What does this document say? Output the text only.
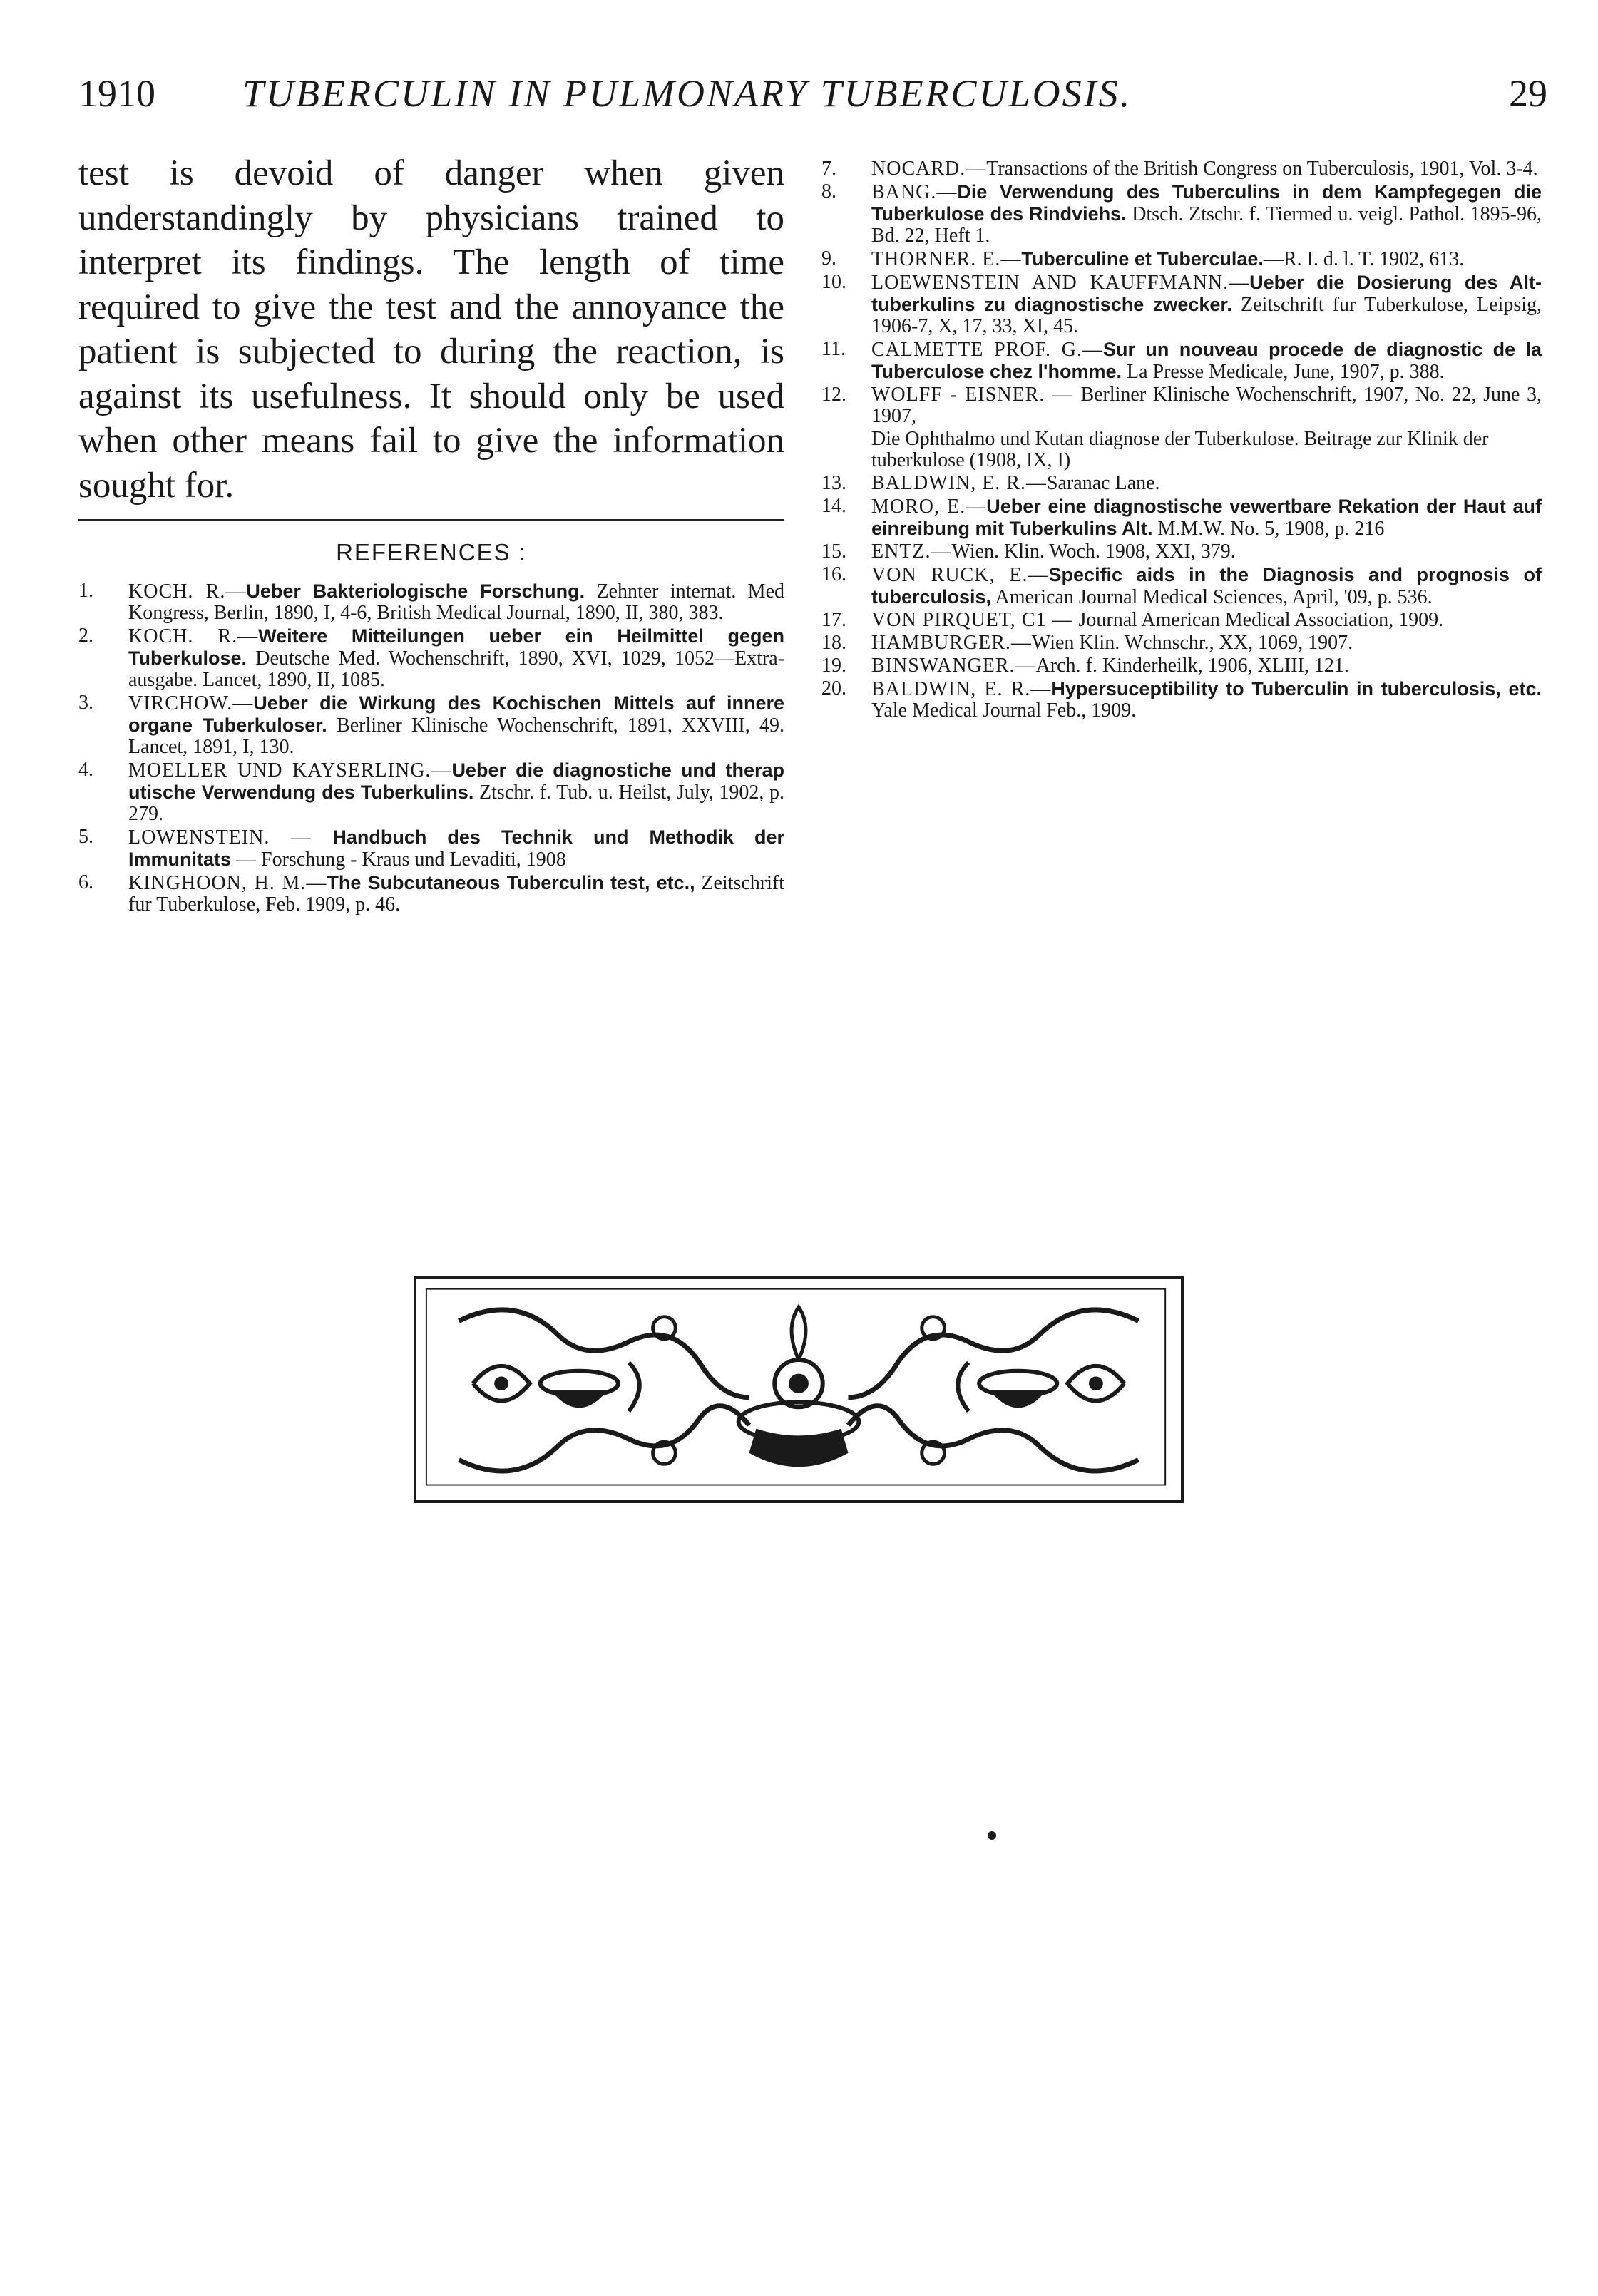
1910 TUBERCULIN IN PULMONARY TUBERCULOSIS.	29

test is devoid of danger when given understandingly by physicians trained to interpret its findings. The length of time required to give the test and the annoyance the patient is subjected to during the reaction, is against its usefulness. It should only be used when other means fail to give the information sought for.

REFERENCES :
1.	KOCH. R.—Ueber Bakteriologische Forschung. Zehnter internat. Med Kongress, Berlin, 1890, I, 4-6, British Medical Journal, 1890, II, 380, 383.
2.	KOCH. R.—Weitere Mitteilungen ueber ein Heilmittel gegen Tuberkulose. Deutsche Med. Wochenschrift, 1890, XVI, 1029, 1052—Extra-ausgabe. Lancet, 1890, II, 1085.
3.	VIRCHOW.—Ueber die Wirkung des Kochischen Mittels auf innere organe Tuberkuloser. Berliner Klinische Wochenschrift, 1891, XXVIII, 49. Lancet, 1891, I, 130.
4.	MOELLER UND KAYSERLING.—Ueber die diagnostiche und therap utische Verwendung des Tuberkulins. Ztschr. f. Tub. u. Heilst, July, 1902, p. 279.
5.	LOWENSTEIN. — Handbuch des Technik und Methodik der Immunitats — Forschung - Kraus und Levaditi, 1908
6.	KINGHOON, H. M.—The Subcutaneous Tuberculin test, etc., Zeitschrift fur Tuberkulose, Feb. 1909, p. 46.
7.	NOCARD.—Transactions of the British Congress on Tuberculosis, 1901, Vol. 3-4.
8.	BANG.—Die Verwendung des Tuberculins in dem Kampfegegen die Tuberkulose des Rindviehs. Dtsch. Ztschr. f. Tiermed u. veigl. Pathol. 1895-96, Bd. 22, Heft 1.
9.	THORNER. E.—Tuberculine et Tuberculae.—R. I. d. l. T. 1902, 613.
10.	LOEWENSTEIN AND KAUFFMANN.—Ueber die Dosierung des Alt-tuberkulins zu diagnostische zwecker. Zeitschrift fur Tuberkulose, Leipsig, 1906-7, X, 17, 33, XI, 45.
11.	CALMETTE PROF. G.—Sur un nouveau procede de diagnostic de la Tuberculose chez l'homme. La Presse Medicale, June, 1907, p. 388.
12.	WOLFF - EISNER. — Berliner Klinische Wochenschrift, 1907, No. 22, June 3, 1907,
Die Ophthalmo und Kutan diagnose der Tuberkulose. Beitrage zur Klinik der tuberkulose (1908, IX, I)
13.	BALDWIN, E. R.—Saranac Lane.
14.	MORO, E.—Ueber eine diagnostische vewertbare Rekation der Haut auf einreibung mit Tuberkulins Alt. M.M.W. No. 5, 1908, p. 216
15.	ENTZ.—Wien. Klin. Woch. 1908, XXI, 379.
16.	VON RUCK, E.—Specific aids in the Diagnosis and prognosis of tuberculosis, American Journal Medical Sciences, April, '09, p. 536.
17.	VON PIRQUET, C1 — Journal American Medical Association, 1909.
18.	HAMBURGER.—Wien Klin. Wchnschr., XX, 1069, 1907.
19.	BINSWANGER.—Arch. f. Kinderheilk, 1906, XLIII, 121.
20.	BALDWIN, E. R.—Hypersuceptibility to Tuberculin in tuberculosis, etc. Yale Medical Journal Feb., 1909.
